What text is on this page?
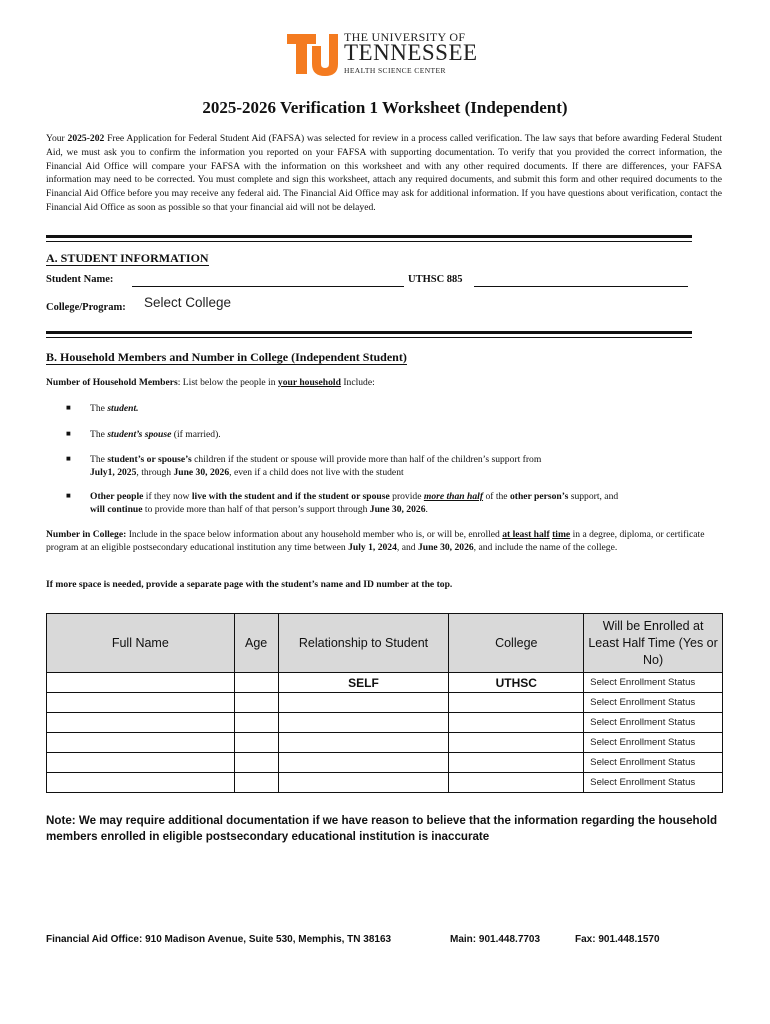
THE UNIVERSITY OF
TENNESSEE
HEALTH SCIENCE CENTER
2025-2026 Verification 1 Worksheet (Independent)
Your 2025-202 Free Application for Federal Student Aid (FAFSA) was selected for review in a process called verification. The law says that before awarding Federal Student Aid, we must ask you to confirm the information you reported on your FAFSA with supporting documentation. To verify that you provided the correct information, the Financial Aid Office will compare your FAFSA with the information on this worksheet and with any other required documents. If there are differences, your FAFSA information may need to be corrected. You must complete and sign this worksheet, attach any required documents, and submit this form and other required documents to the Financial Aid Office before you may receive any federal aid. The Financial Aid Office may ask for additional information. If you have questions about verification, contact the Financial Aid Office as soon as possible so that your financial aid will not be delayed.
A. STUDENT INFORMATION
Student Name:	UTHSC 885
College/Program: Select College
B. Household Members and Number in College (Independent Student)
Number of Household Members: List below the people in your household Include:
■ The student.
■ The student’s spouse (if married).
■ The student’s or spouse’s children if the student or spouse will provide more than half of the children’s support from
July1, 2025, through June 30, 2026, even if a child does not live with the student
■ Other people if they now live with the student and if the student or spouse provide more than half of the other person’s support, and
will continue to provide more than half of that person’s support through June 30, 2026.
Number in College: Include in the space below information about any household member who is, or will be, enrolled at least half time in a degree, diploma, or certificate program at an eligible postsecondary educational institution any time between July 1, 2024, and June 30, 2026, and include the name of the college.
If more space is needed, provide a separate page with the student’s name and ID number at the top.
Full Name	Age	Relationship to Student	College	Will be Enrolled at Least Half Time (Yes or No)
		SELF	UTHSC	Select Enrollment Status
				Select Enrollment Status
				Select Enrollment Status
				Select Enrollment Status
				Select Enrollment Status
				Select Enrollment Status
Note: We may require additional documentation if we have reason to believe that the information regarding the household members enrolled in eligible postsecondary educational institution is inaccurate
Financial Aid Office: 910 Madison Avenue, Suite 530, Memphis, TN 38163	Main: 901.448.7703	Fax: 901.448.1570
